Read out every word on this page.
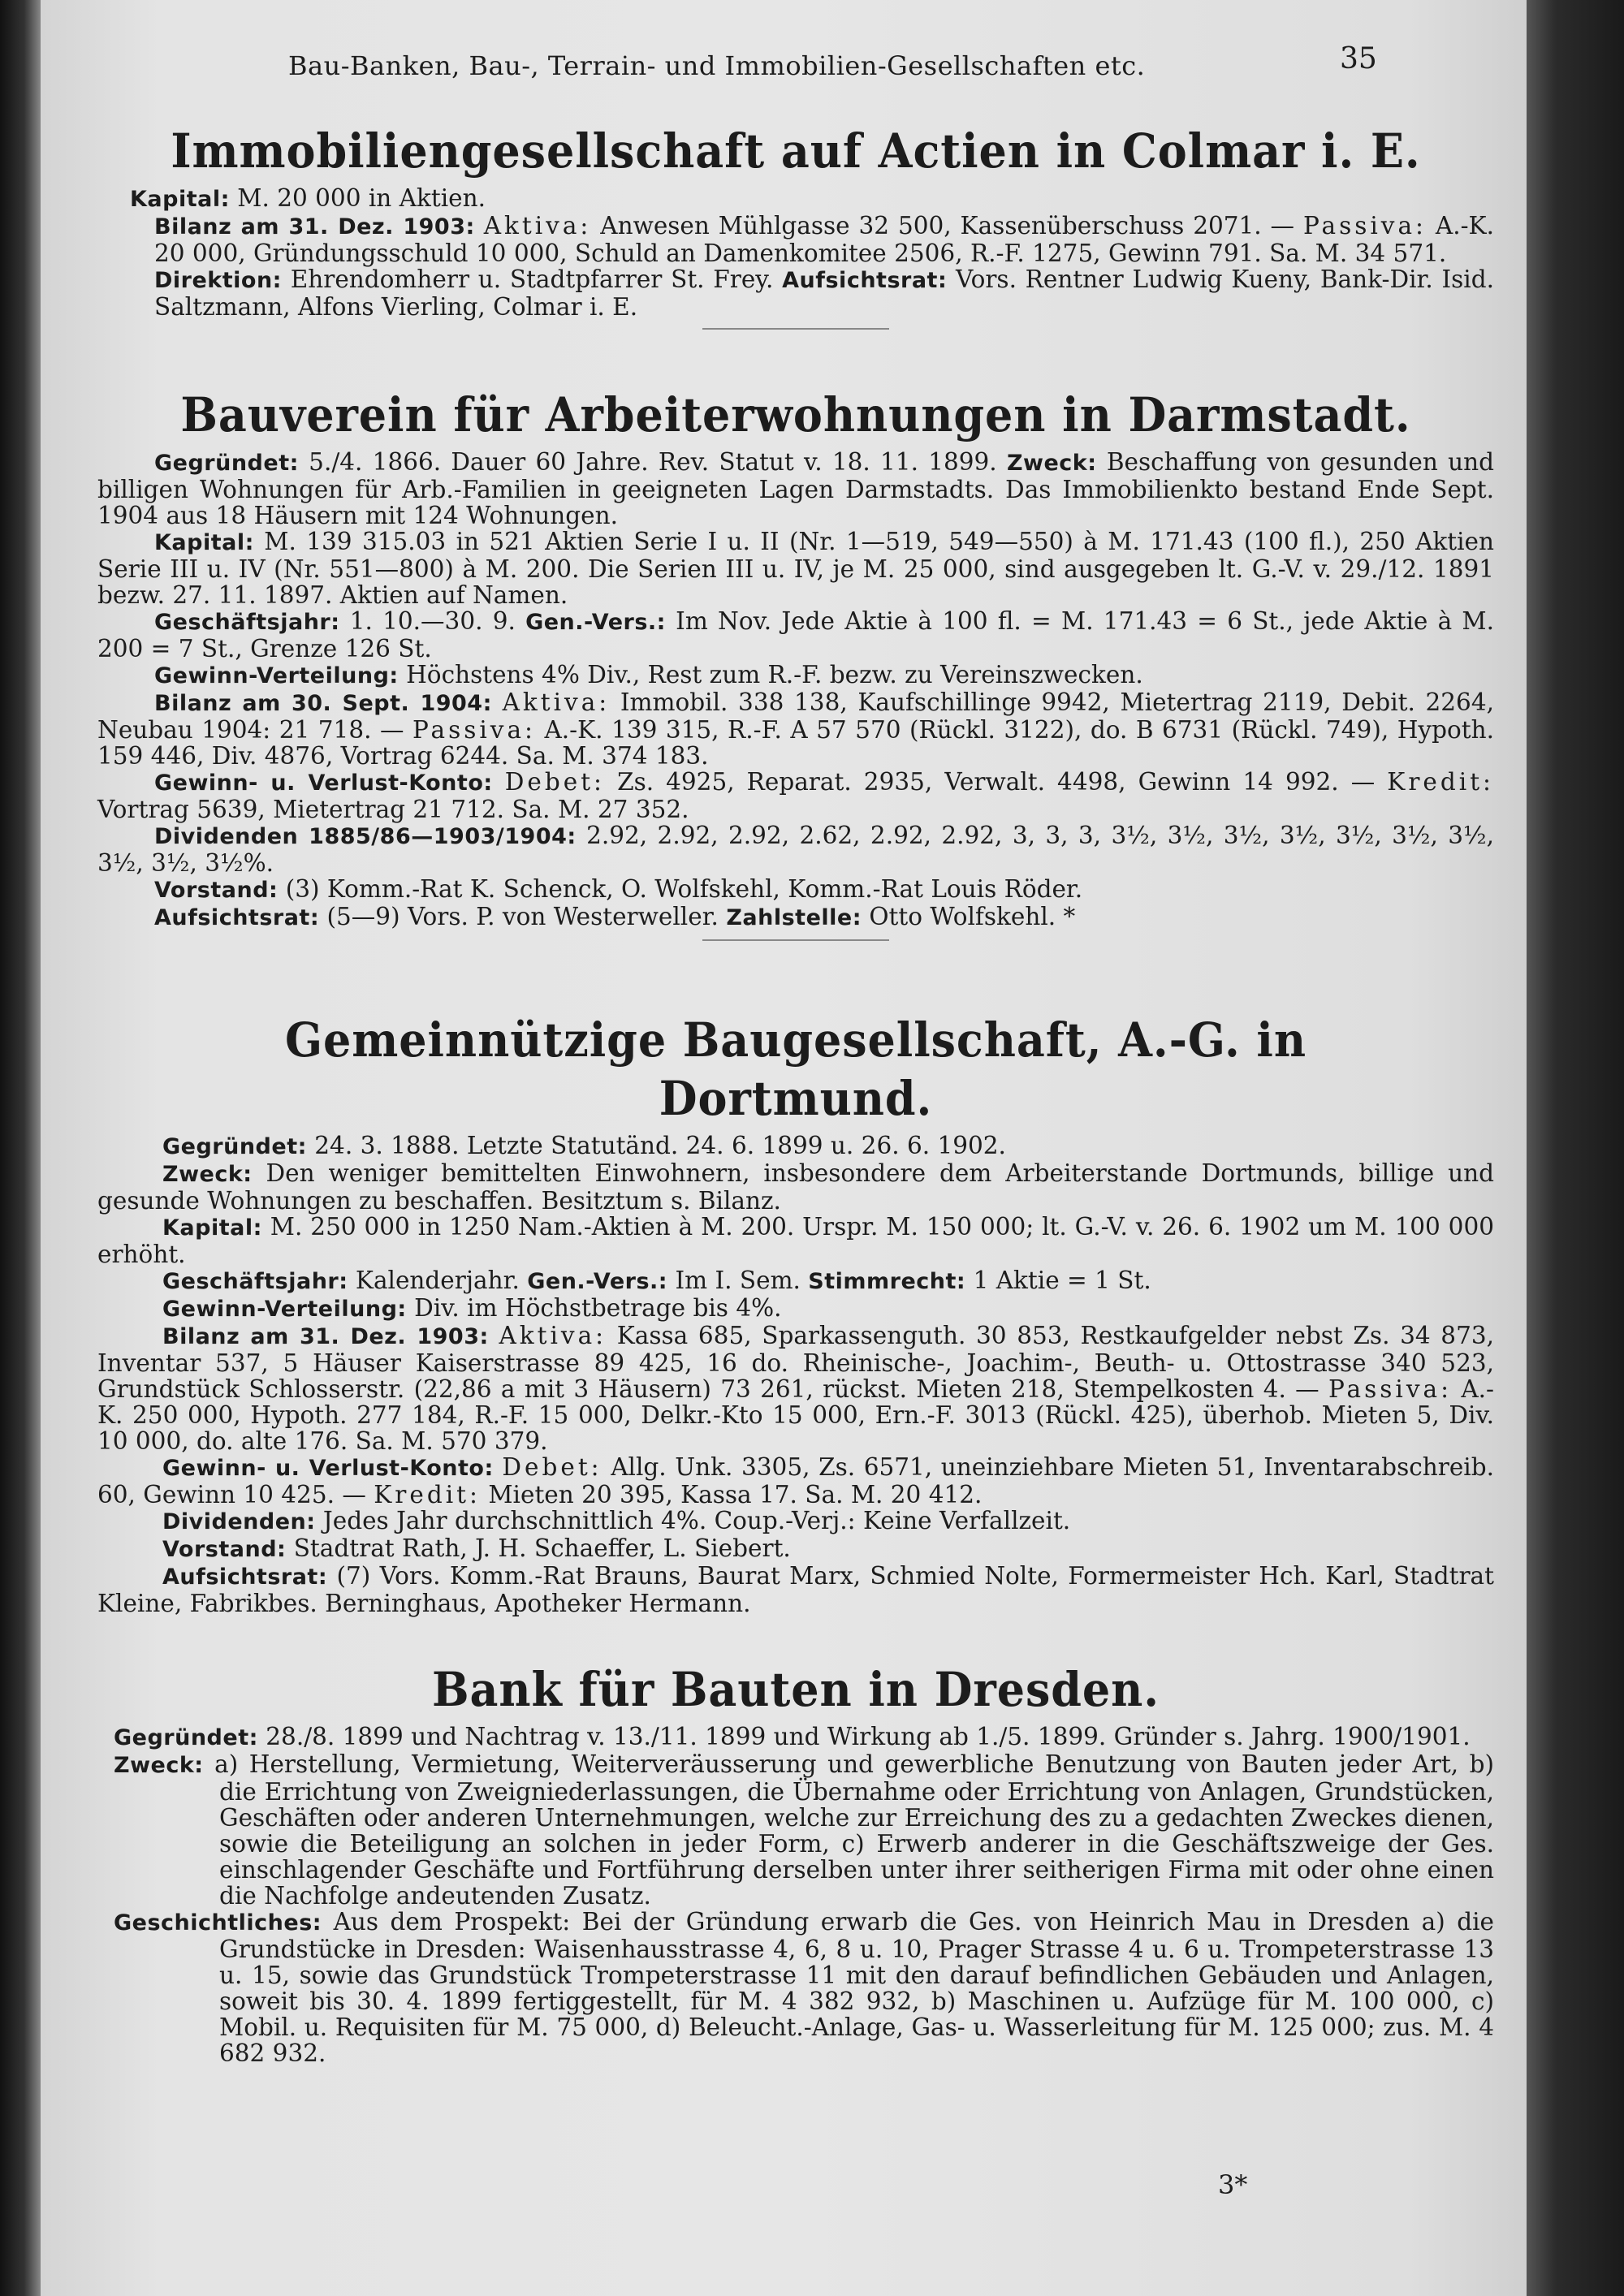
Bau-Banken, Bau-, Terrain- und Immobilien-Gesellschaften etc.	35
Immobiliengesellschaft auf Actien in Colmar i. E.

Kapital: M. 20 000 in Aktien.
Bilanz am 31. Dez. 1903: Aktiva: Anwesen Mühlgasse 32 500, Kassenüberschuss 2071. — Passiva: A.-K. 20 000, Gründungsschuld 10 000, Schuld an Damenkomitee 2506, R.-F. 1275, Gewinn 791. Sa. M. 34 571.
Direktion: Ehrendomherr u. Stadtpfarrer St. Frey. Aufsichtsrat: Vors. Rentner Ludwig Kueny, Bank-Dir. Isid. Saltzmann, Alfons Vierling, Colmar i. E.

Bauverein für Arbeiterwohnungen in Darmstadt.

Gegründet: 5./4. 1866. Dauer 60 Jahre. Rev. Statut v. 18. 11. 1899. Zweck: Beschaffung von gesunden und billigen Wohnungen für Arb.-Familien in geeigneten Lagen Darmstadts. Das Immobilienkto bestand Ende Sept. 1904 aus 18 Häusern mit 124 Wohnungen.
Kapital: M. 139 315.03 in 521 Aktien Serie I u. II (Nr. 1—519, 549—550) à M. 171.43 (100 fl.), 250 Aktien Serie III u. IV (Nr. 551—800) à M. 200. Die Serien III u. IV, je M. 25 000, sind ausgegeben lt. G.-V. v. 29./12. 1891 bezw. 27. 11. 1897. Aktien auf Namen.
Geschäftsjahr: 1. 10.—30. 9. Gen.-Vers.: Im Nov. Jede Aktie à 100 fl. = M. 171.43 = 6 St., jede Aktie à M. 200 = 7 St., Grenze 126 St.
Gewinn-Verteilung: Höchstens 4% Div., Rest zum R.-F. bezw. zu Vereinszwecken.
Bilanz am 30. Sept. 1904: Aktiva: Immobil. 338 138, Kaufschillinge 9942, Mietertrag 2119, Debit. 2264, Neubau 1904: 21 718. — Passiva: A.-K. 139 315, R.-F. A 57 570 (Rückl. 3122), do. B 6731 (Rückl. 749), Hypoth. 159 446, Div. 4876, Vortrag 6244. Sa. M. 374 183.
Gewinn- u. Verlust-Konto: Debet: Zs. 4925, Reparat. 2935, Verwalt. 4498, Gewinn 14 992. — Kredit: Vortrag 5639, Mietertrag 21 712. Sa. M. 27 352.
Dividenden 1885/86—1903/1904: 2.92, 2.92, 2.92, 2.62, 2.92, 2.92, 3, 3, 3, 3½, 3½, 3½, 3½, 3½, 3½, 3½, 3½, 3½, 3½%.
Vorstand: (3) Komm.-Rat K. Schenck, O. Wolfskehl, Komm.-Rat Louis Röder.
Aufsichtsrat: (5—9) Vors. P. von Westerweller. Zahlstelle: Otto Wolfskehl. *

Gemeinnützige Baugesellschaft, A.-G. in Dortmund.

Gegründet: 24. 3. 1888. Letzte Statutänd. 24. 6. 1899 u. 26. 6. 1902.
Zweck: Den weniger bemittelten Einwohnern, insbesondere dem Arbeiterstande Dortmunds, billige und gesunde Wohnungen zu beschaffen. Besitztum s. Bilanz.
Kapital: M. 250 000 in 1250 Nam.-Aktien à M. 200. Urspr. M. 150 000; lt. G.-V. v. 26. 6. 1902 um M. 100 000 erhöht.
Geschäftsjahr: Kalenderjahr. Gen.-Vers.: Im I. Sem. Stimmrecht: 1 Aktie = 1 St.
Gewinn-Verteilung: Div. im Höchstbetrage bis 4%.
Bilanz am 31. Dez. 1903: Aktiva: Kassa 685, Sparkassenguth. 30 853, Restkaufgelder nebst Zs. 34 873, Inventar 537, 5 Häuser Kaiserstrasse 89 425, 16 do. Rheinische-, Joachim-, Beuth- u. Ottostrasse 340 523, Grundstück Schlosserstr. (22,86 a mit 3 Häusern) 73 261, rückst. Mieten 218, Stempelkosten 4. — Passiva: A.-K. 250 000, Hypoth. 277 184, R.-F. 15 000, Delkr.-Kto 15 000, Ern.-F. 3013 (Rückl. 425), überhob. Mieten 5, Div. 10 000, do. alte 176. Sa. M. 570 379.
Gewinn- u. Verlust-Konto: Debet: Allg. Unk. 3305, Zs. 6571, uneinziehbare Mieten 51, Inventarabschreib. 60, Gewinn 10 425. — Kredit: Mieten 20 395, Kassa 17. Sa. M. 20 412.
Dividenden: Jedes Jahr durchschnittlich 4%. Coup.-Verj.: Keine Verfallzeit.
Vorstand: Stadtrat Rath, J. H. Schaeffer, L. Siebert.
Aufsichtsrat: (7) Vors. Komm.-Rat Brauns, Baurat Marx, Schmied Nolte, Formermeister Hch. Karl, Stadtrat Kleine, Fabrikbes. Berninghaus, Apotheker Hermann.

Bank für Bauten in Dresden.

Gegründet: 28./8. 1899 und Nachtrag v. 13./11. 1899 und Wirkung ab 1./5. 1899. Gründer s. Jahrg. 1900/1901.

Zweck: a) Herstellung, Vermietung, Weiterveräusserung und gewerbliche Benutzung von Bauten jeder Art, b) die Errichtung von Zweigniederlassungen, die Übernahme oder Errichtung von Anlagen, Grundstücken, Geschäften oder anderen Unternehmungen, welche zur Erreichung des zu a gedachten Zweckes dienen, sowie die Beteiligung an solchen in jeder Form, c) Erwerb anderer in die Geschäftszweige der Ges. einschlagender Geschäfte und Fortführung derselben unter ihrer seitherigen Firma mit oder ohne einen die Nachfolge andeutenden Zusatz.

Geschichtliches: Aus dem Prospekt: Bei der Gründung erwarb die Ges. von Heinrich Mau in Dresden a) die Grundstücke in Dresden: Waisenhausstrasse 4, 6, 8 u. 10, Prager Strasse 4 u. 6 u. Trompeterstrasse 13 u. 15, sowie das Grundstück Trompeterstrasse 11 mit den darauf befindlichen Gebäuden und Anlagen, soweit bis 30. 4. 1899 fertiggestellt, für M. 4 382 932, b) Maschinen u. Aufzüge für M. 100 000, c) Mobil. u. Requisiten für M. 75 000, d) Beleucht.-Anlage, Gas- u. Wasserleitung für M. 125 000; zus. M. 4 682 932.

3*
